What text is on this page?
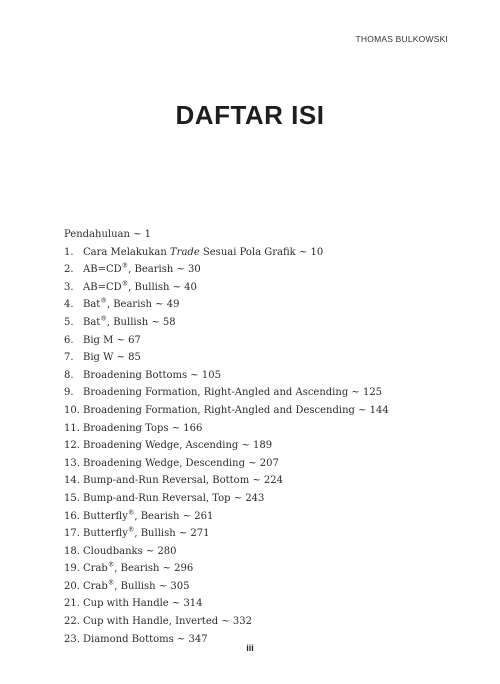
THOMAS BULKOWSKI
DAFTAR ISI
Pendahuluan ~ 1
1. Cara Melakukan Trade Sesuai Pola Grafik ~ 10
2. AB=CD®, Bearish ~ 30
3. AB=CD®, Bullish ~ 40
4. Bat®, Bearish ~ 49
5. Bat®, Bullish ~ 58
6. Big M ~ 67
7. Big W ~ 85
8. Broadening Bottoms ~ 105
9. Broadening Formation, Right-Angled and Ascending ~ 125
10. Broadening Formation, Right-Angled and Descending ~ 144
11. Broadening Tops ~ 166
12. Broadening Wedge, Ascending ~ 189
13. Broadening Wedge, Descending ~ 207
14. Bump-and-Run Reversal, Bottom ~ 224
15. Bump-and-Run Reversal, Top ~ 243
16. Butterfly®, Bearish ~ 261
17. Butterfly®, Bullish ~ 271
18. Cloudbanks ~ 280
19. Crab®, Bearish ~ 296
20. Crab®, Bullish ~ 305
21. Cup with Handle ~ 314
22. Cup with Handle, Inverted ~ 332
23. Diamond Bottoms ~ 347
iii
